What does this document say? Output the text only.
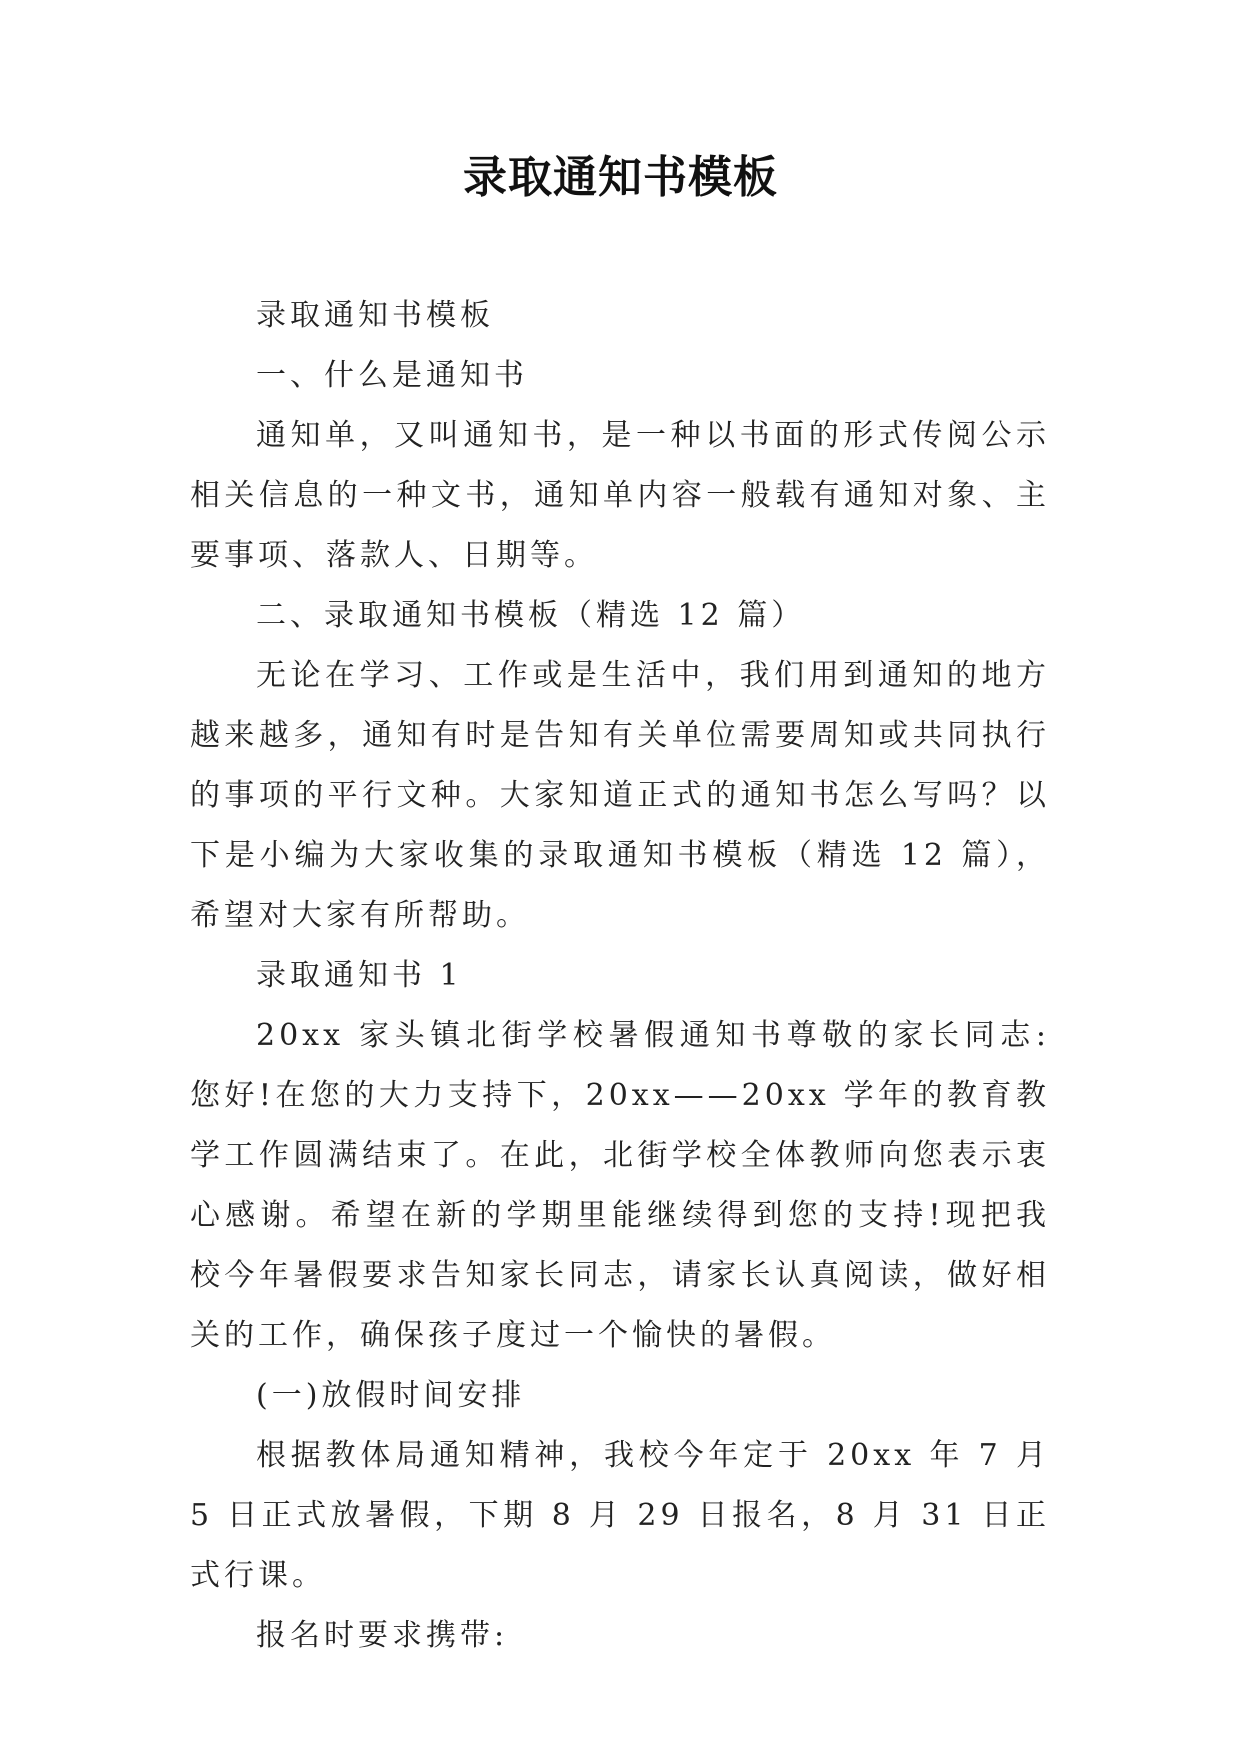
录取通知书模板

录取通知书模板

一、什么是通知书

通知单，又叫通知书，是一种以书面的形式传阅公示相关信息的一种文书，通知单内容一般载有通知对象、主要事项、落款人、日期等。

二、录取通知书模板（精选 12 篇）

无论在学习、工作或是生活中，我们用到通知的地方越来越多，通知有时是告知有关单位需要周知或共同执行的事项的平行文种。大家知道正式的通知书怎么写吗？以下是小编为大家收集的录取通知书模板（精选 12 篇），希望对大家有所帮助。

录取通知书 1

20xx 家头镇北街学校暑假通知书尊敬的家长同志: 您好!在您的大力支持下，20xx——20xx 学年的教育教学工作圆满结束了。在此，北街学校全体教师向您表示衷心感谢。希望在新的学期里能继续得到您的支持!现把我校今年暑假要求告知家长同志，请家长认真阅读，做好相关的工作，确保孩子度过一个愉快的暑假。

(一)放假时间安排

根据教体局通知精神，我校今年定于 20xx 年 7 月 5 日正式放暑假，下期 8 月 29 日报名，8 月 31 日正式行课。

报名时要求携带:
